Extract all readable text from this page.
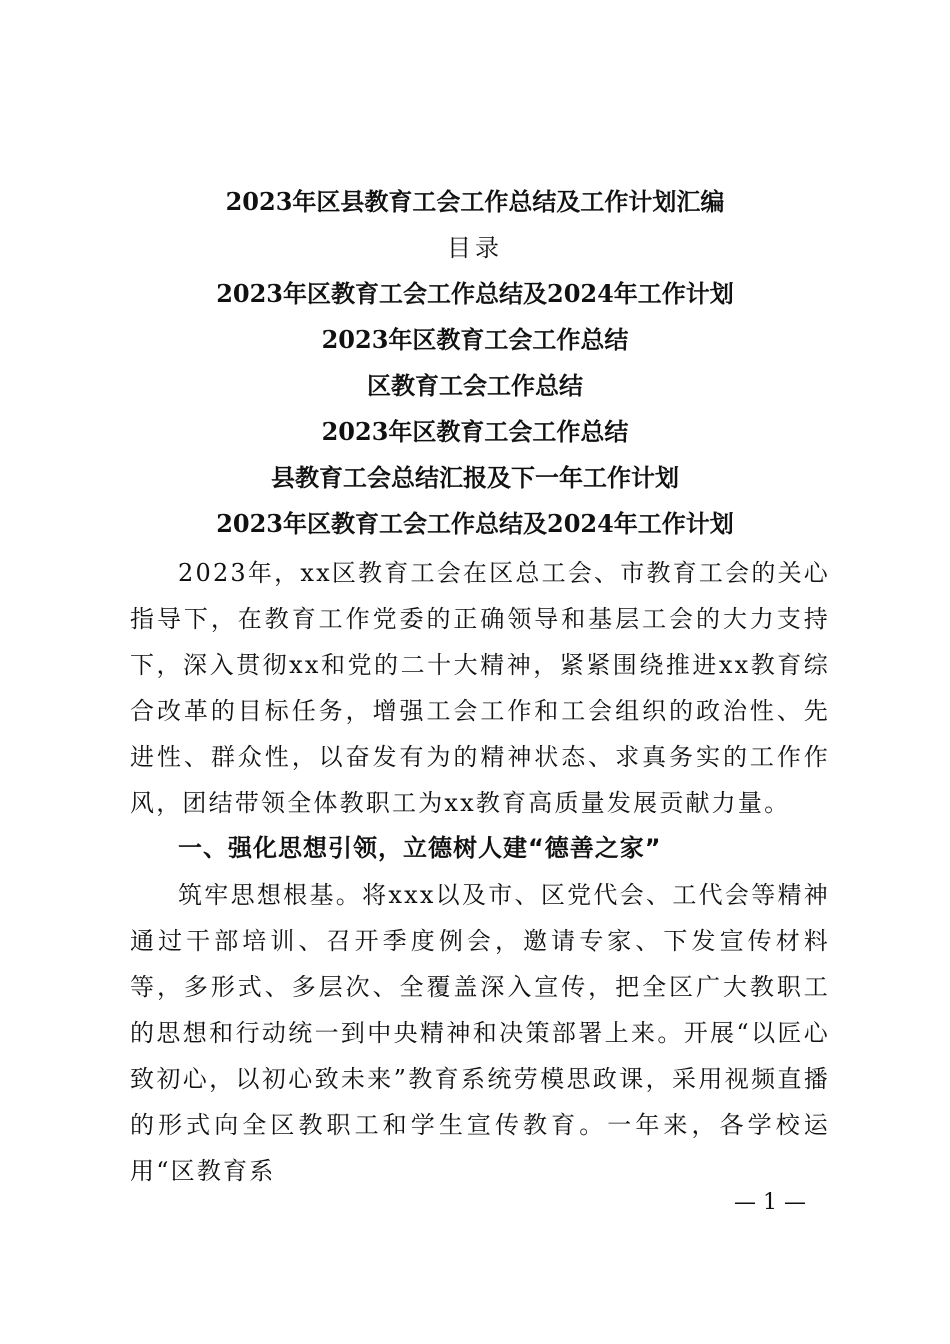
2023年区县教育工会工作总结及工作计划汇编
目录
2023年区教育工会工作总结及2024年工作计划
2023年区教育工会工作总结
区教育工会工作总结
2023年区教育工会工作总结
县教育工会总结汇报及下一年工作计划
2023年区教育工会工作总结及2024年工作计划

2023年，xx区教育工会在区总工会、市教育工会的关心指导下，在教育工作党委的正确领导和基层工会的大力支持下，深入贯彻xx和党的二十大精神，紧紧围绕推进xx教育综合改革的目标任务，增强工会工作和工会组织的政治性、先进性、群众性，以奋发有为的精神状态、求真务实的工作作风，团结带领全体教职工为xx教育高质量发展贡献力量。

一、强化思想引领，立德树人建“德善之家”

筑牢思想根基。将xxx以及市、区党代会、工代会等精神通过干部培训、召开季度例会，邀请专家、下发宣传材料等，多形式、多层次、全覆盖深入宣传，把全区广大教职工的思想和行动统一到中央精神和决策部署上来。开展“以匠心致初心，以初心致未来”教育系统劳模思政课，采用视频直播的形式向全区教职工和学生宣传教育。一年来，各学校运用“区教育系

— 1 —
